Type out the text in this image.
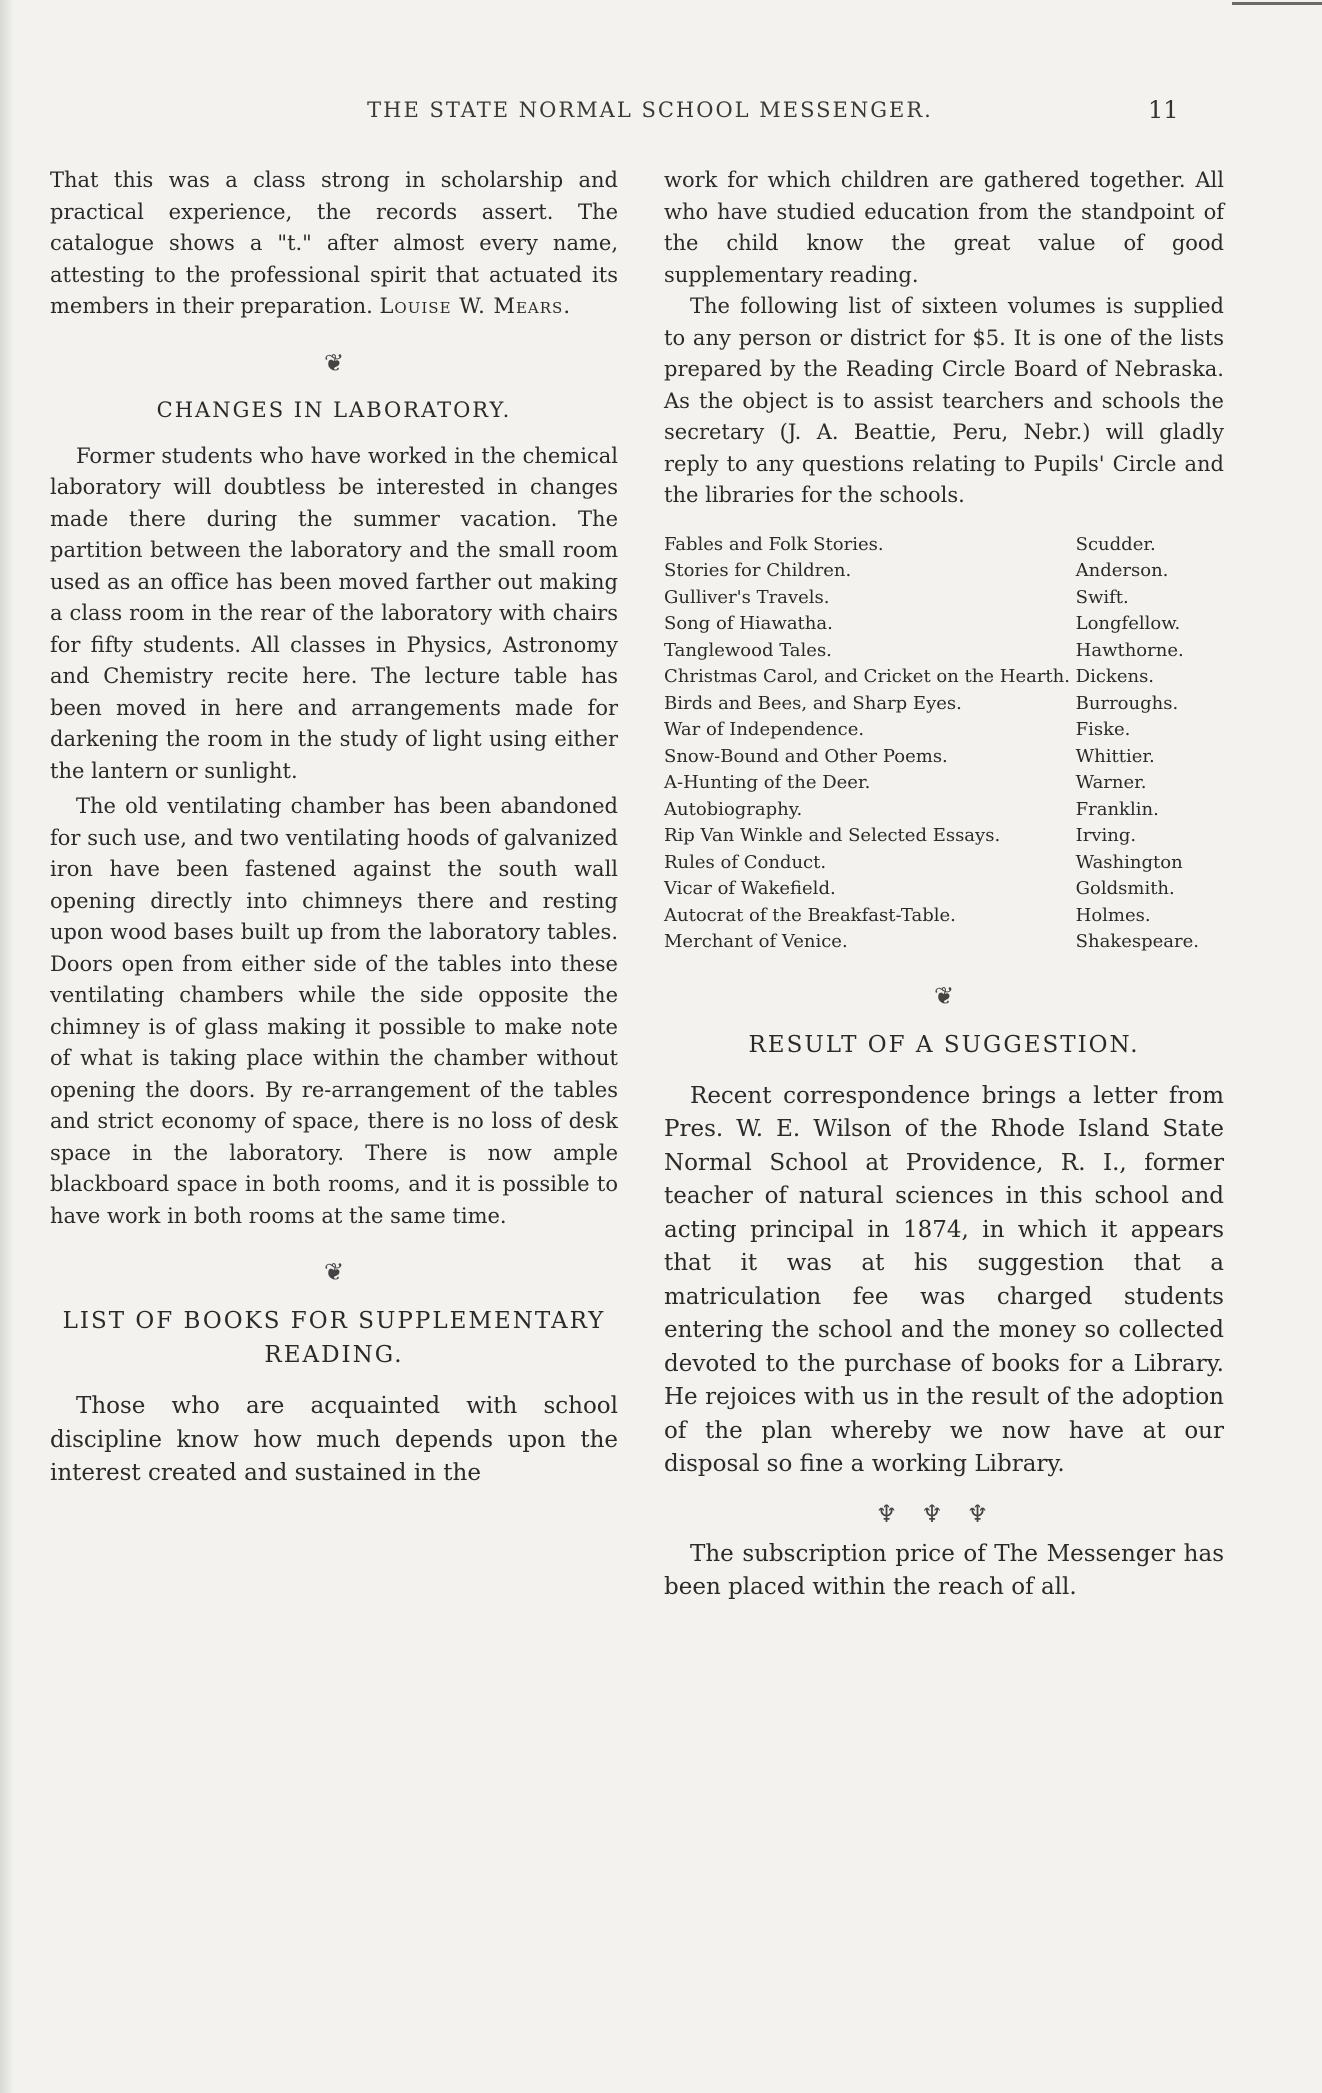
THE STATE NORMAL SCHOOL MESSENGER.	11

That this was a class strong in scholarship and practical experience, the records assert. The catalogue shows a "t." after almost every name, attesting to the professional spirit that actuated its members in their preparation. Louise W. Mears.

❦
CHANGES IN LABORATORY.

Former students who have worked in the chemical laboratory will doubtless be interested in changes made there during the summer vacation. The partition between the laboratory and the small room used as an office has been moved farther out making a class room in the rear of the laboratory with chairs for fifty students. All classes in Physics, Astronomy and Chemistry recite here. The lecture table has been moved in here and arrangements made for darkening the room in the study of light using either the lantern or sunlight.

The old ventilating chamber has been abandoned for such use, and two ventilating hoods of galvanized iron have been fastened against the south wall opening directly into chimneys there and resting upon wood bases built up from the laboratory tables. Doors open from either side of the tables into these ventilating chambers while the side opposite the chimney is of glass making it possible to make note of what is taking place within the chamber without opening the doors. By re-arrangement of the tables and strict economy of space, there is no loss of desk space in the laboratory. There is now ample blackboard space in both rooms, and it is possible to have work in both rooms at the same time.

❦
LIST OF BOOKS FOR SUPPLEMENTARY READING.

Those who are acquainted with school discipline know how much depends upon the interest created and sustained in the

work for which children are gathered together. All who have studied education from the standpoint of the child know the great value of good supplementary reading.

The following list of sixteen volumes is supplied to any person or district for $5. It is one of the lists prepared by the Reading Circle Board of Nebraska. As the object is to assist tearchers and schools the secretary (J. A. Beattie, Peru, Nebr.) will gladly reply to any questions relating to Pupils' Circle and the libraries for the schools.

Fables and Folk Stories.	Scudder.
Stories for Children.	Anderson.
Gulliver's Travels.	Swift.
Song of Hiawatha.	Longfellow.
Tanglewood Tales.	Hawthorne.
Christmas Carol, and Cricket on the Hearth. Dickens.
Birds and Bees, and Sharp Eyes.	Burroughs.
War of Independence.	Fiske.
Snow-Bound and Other Poems.	Whittier.
A-Hunting of the Deer.	Warner.
Autobiography.	Franklin.
Rip Van Winkle and Selected Essays.	Irving.
Rules of Conduct.	Washington
Vicar of Wakefield.	Goldsmith.
Autocrat of the Breakfast-Table.	Holmes.
Merchant of Venice.	Shakespeare.
❦
RESULT OF A SUGGESTION.

Recent correspondence brings a letter from Pres. W. E. Wilson of the Rhode Island State Normal School at Providence, R. I., former teacher of natural sciences in this school and acting principal in 1874, in which it appears that it was at his suggestion that a matriculation fee was charged students entering the school and the money so collected devoted to the purchase of books for a Library. He rejoices with us in the result of the adoption of the plan whereby we now have at our disposal so fine a working Library.

♆♆♆

The subscription price of The Messenger has been placed within the reach of all.
